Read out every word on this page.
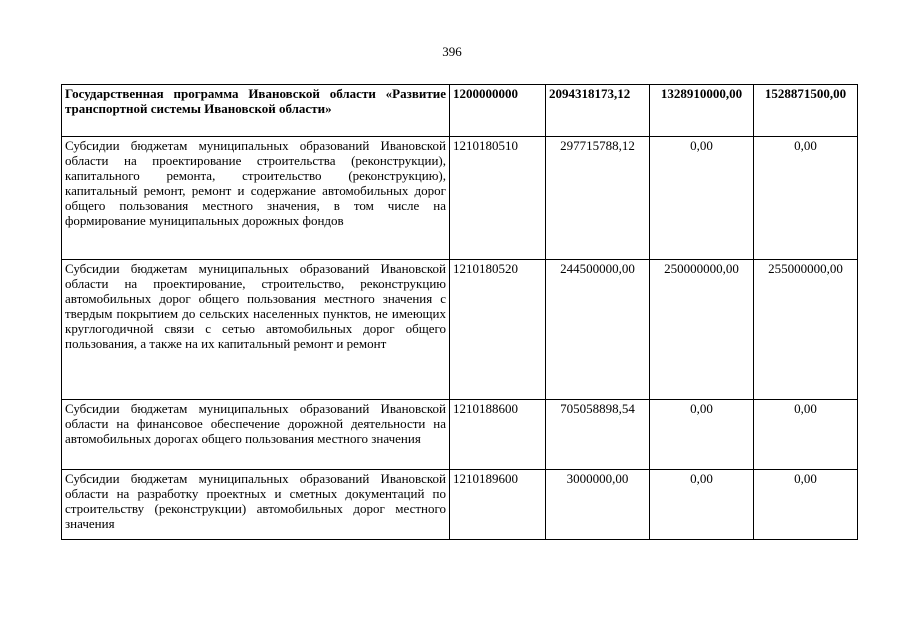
396
Государственная программа Ивановской области «Развитие транспортной системы Ивановской области»	1200000000	2094318173,12	1328910000,00	1528871500,00
Субсидии бюджетам муниципальных образований Ивановской области на проектирование строительства (реконструкции), капитального ремонта, строительство (реконструкцию), капитальный ремонт, ремонт и содержание автомобильных дорог общего пользования местного значения, в том числе на формирование муниципальных дорожных фондов	1210180510	297715788,12	0,00	0,00
Субсидии бюджетам муниципальных образований Ивановской области на проектирование, строительство, реконструкцию автомобильных дорог общего пользования местного значения с твердым покрытием до сельских населенных пунктов, не имеющих круглогодичной связи с сетью автомобильных дорог общего пользования, а также на их капитальный ремонт и ремонт	1210180520	244500000,00	250000000,00	255000000,00
Субсидии бюджетам муниципальных образований Ивановской области на финансовое обеспечение дорожной деятельности на автомобильных дорогах общего пользования местного значения	1210188600	705058898,54	0,00	0,00
Субсидии бюджетам муниципальных образований Ивановской области на разработку проектных и сметных документаций по строительству (реконструкции) автомобильных дорог местного значения	1210189600	3000000,00	0,00	0,00
